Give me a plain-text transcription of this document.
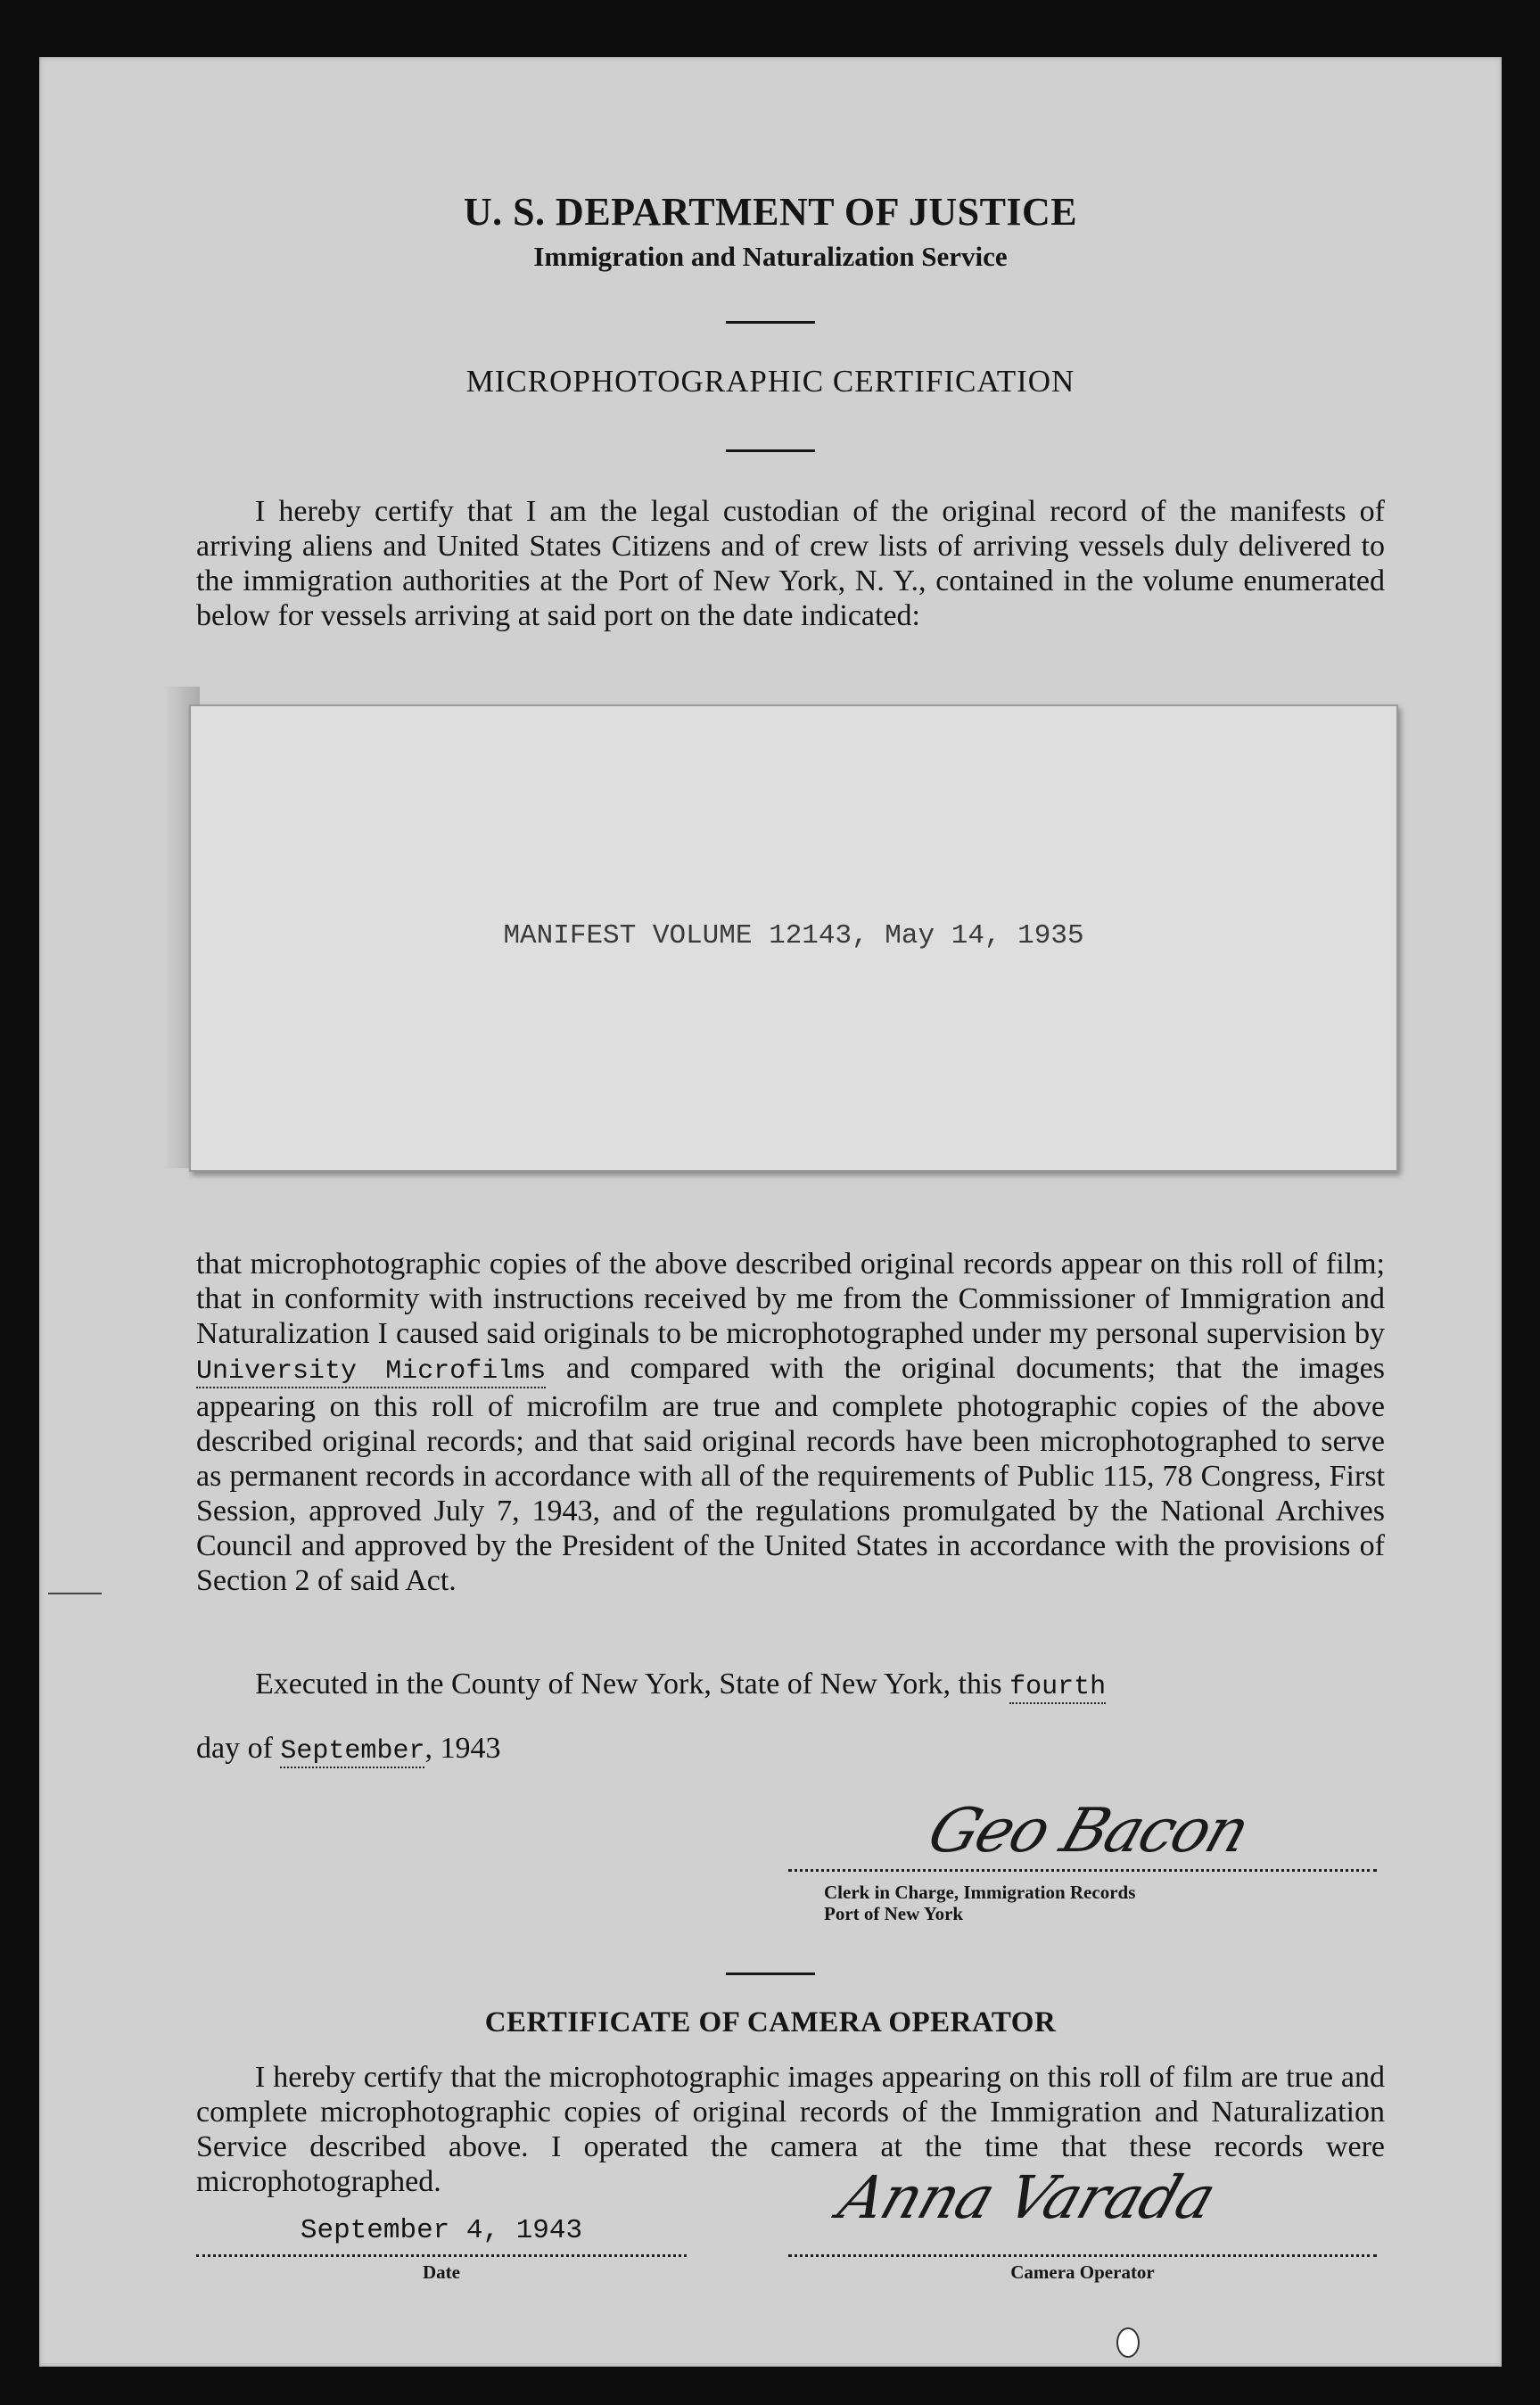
U. S. DEPARTMENT OF JUSTICE
Immigration and Naturalization Service
MICROPHOTOGRAPHIC CERTIFICATION
I hereby certify that I am the legal custodian of the original record of the manifests of arriving aliens and United States Citizens and of crew lists of arriving vessels duly delivered to the immigration authorities at the Port of New York, N. Y., contained in the volume enumerated below for vessels arriving at said port on the date indicated:
MANIFEST VOLUME 12143, May 14, 1935
that microphotographic copies of the above described original records appear on this roll of film; that in conformity with instructions received by me from the Commissioner of Immigration and Naturalization I caused said originals to be microphotographed under my personal supervision by University Microfilms and compared with the original documents; that the images appearing on this roll of microfilm are true and complete photographic copies of the above described original records; and that said original records have been microphotographed to serve as permanent records in accordance with all of the requirements of Public 115, 78 Congress, First Session, approved July 7, 1943, and of the regulations promulgated by the National Archives Council and approved by the President of the United States in accordance with the provisions of Section 2 of said Act.
Executed in the County of New York, State of New York, this fourth
day of September, 1943
Geo Bacon
Clerk in Charge, Immigration Records
Port of New York
CERTIFICATE OF CAMERA OPERATOR
I hereby certify that the microphotographic images appearing on this roll of film are true and complete microphotographic copies of original records of the Immigration and Naturalization Service described above. I operated the camera at the time that these records were microphotographed.
September 4, 1943	Anna Varada
Date	Camera Operator
